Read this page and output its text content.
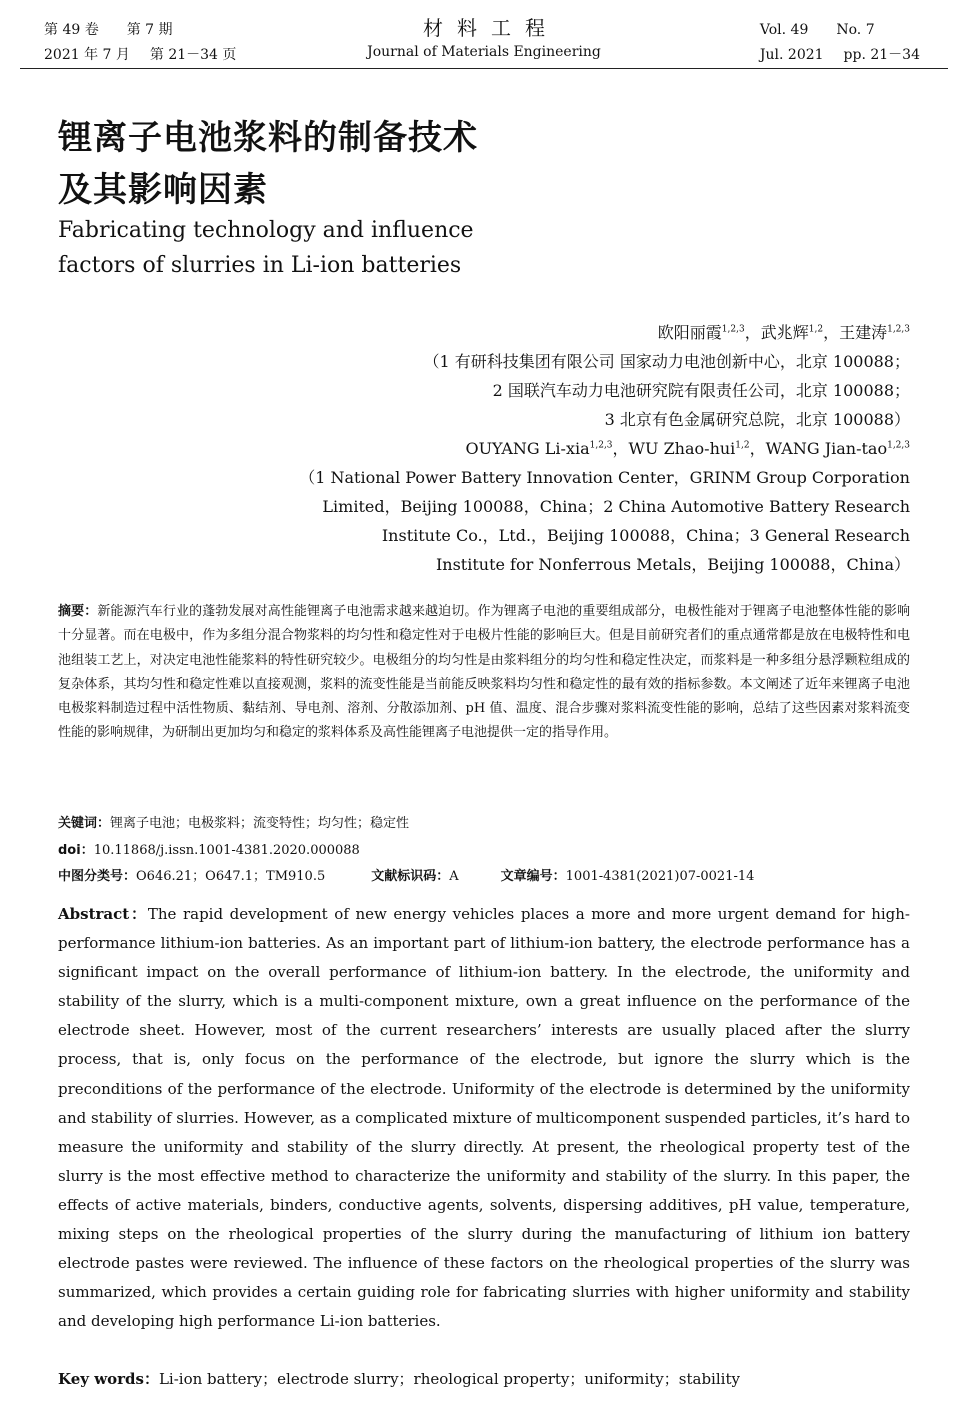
第 49 卷 第 7 期
2021 年 7 月 第 21－34 页
材料工程
Journal of Materials Engineering
Vol. 49 No. 7
Jul. 2021 pp. 21－34
锂离子电池浆料的制备技术
及其影响因素
Fabricating technology and influence
factors of slurries in Li-ion batteries
欧阳丽霞$^{1,2,3}$，武兆辉$^{1,2}$，王建涛$^{1,2,3}$
（1 有研科技集团有限公司 国家动力电池创新中心，北京 100088；
2 国联汽车动力电池研究院有限责任公司，北京 100088；
3 北京有色金属研究总院，北京 100088）
OUYANG Li-xia$^{1,2,3}$，WU Zhao-hui$^{1,2}$，WANG Jian-tao$^{1,2,3}$
（1 National Power Battery Innovation Center，GRINM Group Corporation
Limited，Beijing 100088，China；2 China Automotive Battery Research
Institute Co.，Ltd.，Beijing 100088，China；3 General Research
Institute for Nonferrous Metals，Beijing 100088，China）
摘要：新能源汽车行业的蓬勃发展对高性能锂离子电池需求越来越迫切。作为锂离子电池的重要组成部分，电极性能对于锂离子电池整体性能的影响十分显著。而在电极中，作为多组分混合物浆料的均匀性和稳定性对于电极片性能的影响巨大。但是目前研究者们的重点通常都是放在电极特性和电池组装工艺上，对决定电池性能浆料的特性研究较少。电极组分的均匀性是由浆料组分的均匀性和稳定性决定，而浆料是一种多组分悬浮颗粒组成的复杂体系，其均匀性和稳定性难以直接观测，浆料的流变性能是当前能反映浆料均匀性和稳定性的最有效的指标参数。本文阐述了近年来锂离子电池电极浆料制造过程中活性物质、黏结剂、导电剂、溶剂、分散添加剂、pH 值、温度、混合步骤对浆料流变性能的影响，总结了这些因素对浆料流变性能的影响规律，为研制出更加均匀和稳定的浆料体系及高性能锂离子电池提供一定的指导作用。
关键词：锂离子电池；电极浆料；流变特性；均匀性；稳定性
doi：10.11868/j.issn.1001-4381.2020.000088
中图分类号：O646.21；O647.1；TM910.5	文献标识码：A	文章编号：1001-4381(2021)07-0021-14
Abstract：The rapid development of new energy vehicles places a more and more urgent demand for high-performance lithium-ion batteries. As an important part of lithium-ion battery, the electrode performance has a significant impact on the overall performance of lithium-ion battery. In the electrode, the uniformity and stability of the slurry, which is a multi-component mixture, own a great influence on the performance of the electrode sheet. However, most of the current researchers’ interests are usually placed after the slurry process, that is, only focus on the performance of the electrode, but ignore the slurry which is the preconditions of the performance of the electrode. Uniformity of the electrode is determined by the uniformity and stability of slurries. However, as a complicated mixture of multicomponent suspended particles, it’s hard to measure the uniformity and stability of the slurry directly. At present, the rheological property test of the slurry is the most effective method to characterize the uniformity and stability of the slurry. In this paper, the effects of active materials, binders, conductive agents, solvents, dispersing additives, pH value, temperature, mixing steps on the rheological properties of the slurry during the manufacturing of lithium ion battery electrode pastes were reviewed. The influence of these factors on the rheological properties of the slurry was summarized, which provides a certain guiding role for fabricating slurries with higher uniformity and stability and developing high performance Li-ion batteries.
Key words：Li-ion battery；electrode slurry；rheological property；uniformity；stability
